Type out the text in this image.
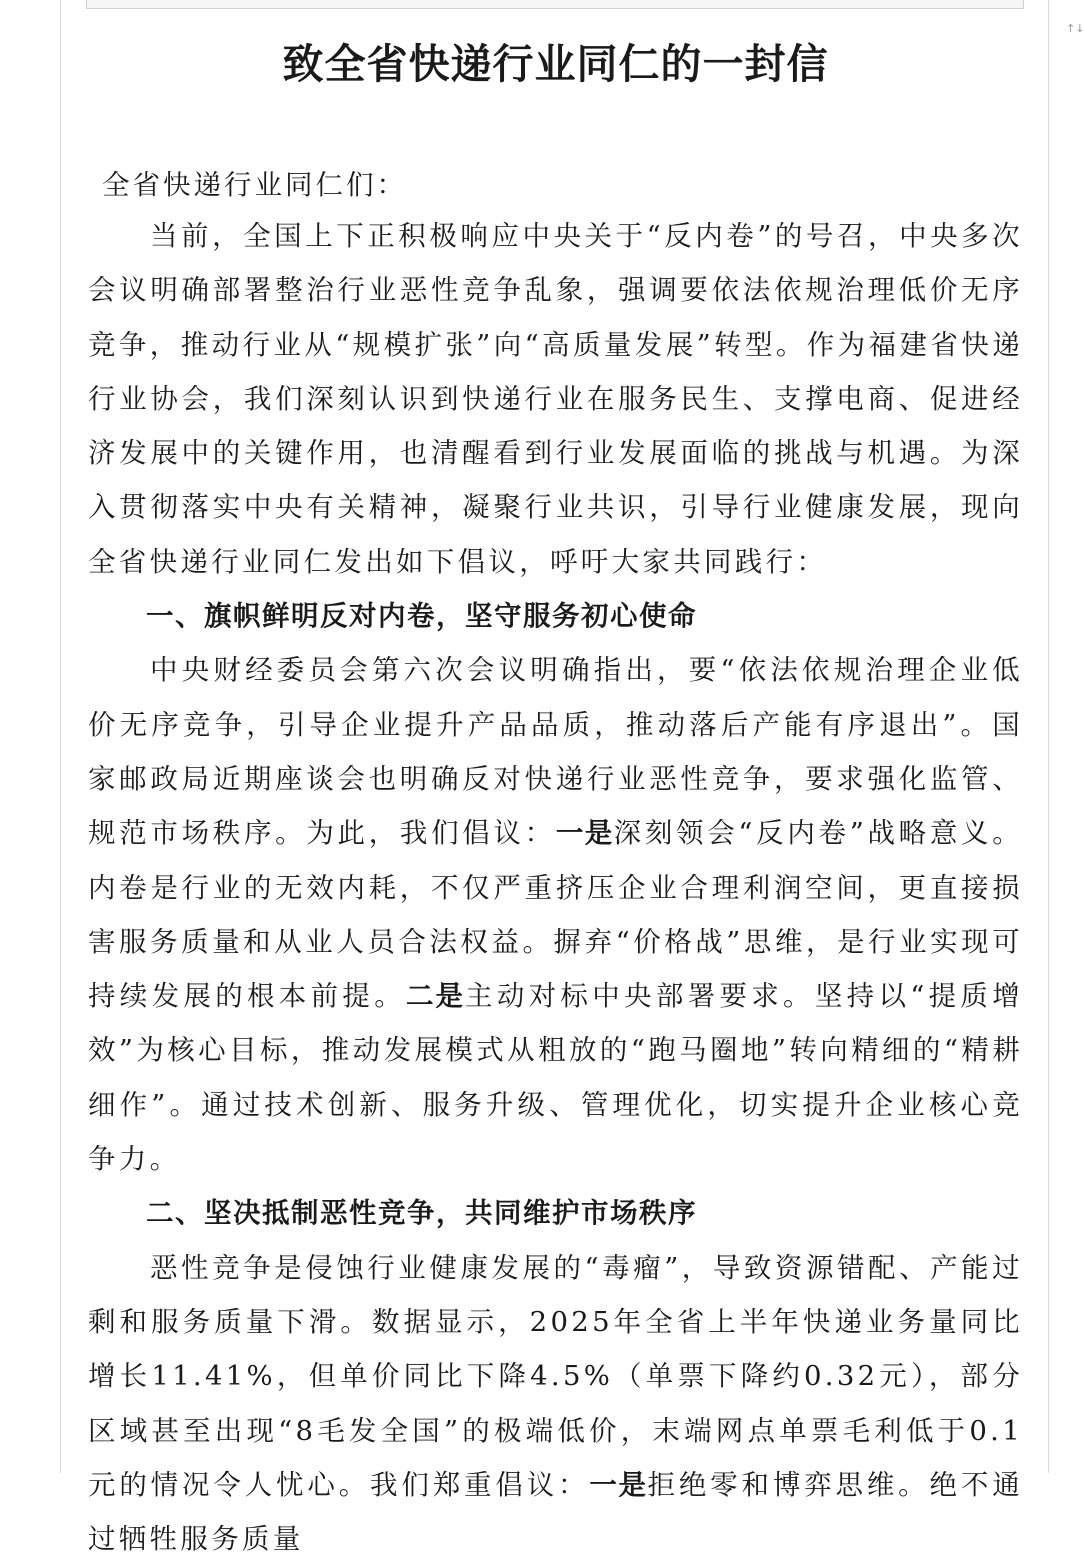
↑↓
致全省快递行业同仁的一封信

全省快递行业同仁们：

当前，全国上下正积极响应中央关于“反内卷”的号召，中央多次会议明确部署整治行业恶性竞争乱象，强调要依法依规治理低价无序竞争，推动行业从“规模扩张”向“高质量发展”转型。作为福建省快递行业协会，我们深刻认识到快递行业在服务民生、支撑电商、促进经济发展中的关键作用，也清醒看到行业发展面临的挑战与机遇。为深入贯彻落实中央有关精神，凝聚行业共识，引导行业健康发展，现向 全省快递行业同仁发出如下倡议，呼吁大家共同践行：

一、旗帜鲜明反对内卷，坚守服务初心使命

中央财经委员会第六次会议明确指出，要“依法依规治理企业低价无序竞争，引导企业提升产品品质，推动落后产能有序退出”。国家邮政局近期座谈会也明确反对快递行业恶性竞争，要求强化监管、规范市场秩序。为此，我们倡议：一是深刻领会“反内卷”战略意义。内卷是行业的无效内耗，不仅严重挤压企业合理利润空间，更直接损害服务质量和从业人员合法权益。摒弃“价格战”思维，是行业实现可持续发展的根本前提。二是主动对标中央部署要求。坚持以“提质增效”为核心目标，推动发展模式从粗放的“跑马圈地”转向精细的“精耕细作”。通过技术创新、服务升级、管理优化，切实提升企业核心竞争力。

二、坚决抵制恶性竞争，共同维护市场秩序

恶性竞争是侵蚀行业健康发展的“毒瘤”，导致资源错配、产能过剩和服务质量下滑。数据显示，2025年全省上半年快递业务量同比增长11.41%，但单价同比下降4.5%（单票下降约0.32元），部分区域甚至出现“8毛发全国”的极端低价，末端网点单票毛利低于0.1元的情况令人忧心。我们郑重倡议：一是拒绝零和博弈思维。绝不通过牺牲服务质量
